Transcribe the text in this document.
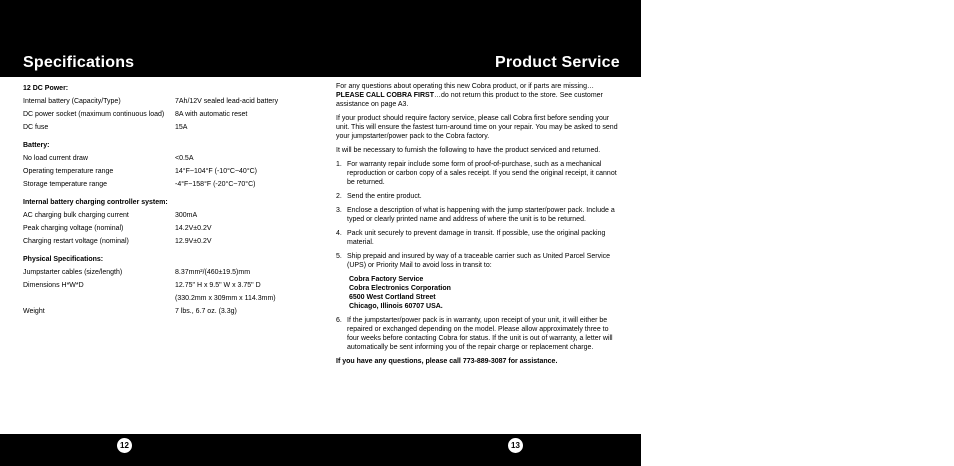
Specifications	Product Service
12 DC Power:
Internal battery (Capacity/Type)	7Ah/12V sealed lead-acid battery
DC power socket (maximum continuous load) 8A with automatic reset
DC fuse	15A
Battery:
No load current draw	<0.5A
Operating temperature range	14°F~104°F (-10°C~40°C)
Storage temperature range	-4°F~158°F (-20°C~70°C)
Internal battery charging controller system:
AC charging bulk charging current	300mA
Peak charging voltage (nominal)	14.2V±0.2V
Charging restart voltage (nominal)	12.9V±0.2V
Physical Specifications:
Jumpstarter cables (size/length)	8.37mm²/(460±19.5)mm
Dimensions H*W*D	12.75" H x 9.5" W x 3.75" D
(330.2mm x 309mm x 114.3mm)
Weight	7 lbs., 6.7 oz. (3.3g)

For any questions about operating this new Cobra product, or if parts are missing…PLEASE CALL COBRA FIRST…do not return this product to the store. See customer assistance on page A3.

If your product should require factory service, please call Cobra first before sending your unit. This will ensure the fastest turn-around time on your repair. You may be asked to send your jumpstarter/power pack to the Cobra factory.

It will be necessary to furnish the following to have the product serviced and returned.

1. For warranty repair include some form of proof-of-purchase, such as a mechanical reproduction or carbon copy of a sales receipt. If you send the original receipt, it cannot be returned.
2. Send the entire product.
3. Enclose a description of what is happening with the jump starter/power pack. Include a typed or clearly printed name and address of where the unit is to be returned.
4. Pack unit securely to prevent damage in transit. If possible, use the original packing material.
5. Ship prepaid and insured by way of a traceable carrier such as United Parcel Service (UPS) or Priority Mail to avoid loss in transit to:
Cobra Factory Service
Cobra Electronics Corporation
6500 West Cortland Street
Chicago, Illinois 60707 USA.
6. If the jumpstarter/power pack is in warranty, upon receipt of your unit, it will either be repaired or exchanged depending on the model. Please allow approximately three to four weeks before contacting Cobra for status. If the unit is out of warranty, a letter will automatically be sent informing you of the repair charge or replacement charge.

If you have any questions, please call 773-889-3087 for assistance.

12	13
